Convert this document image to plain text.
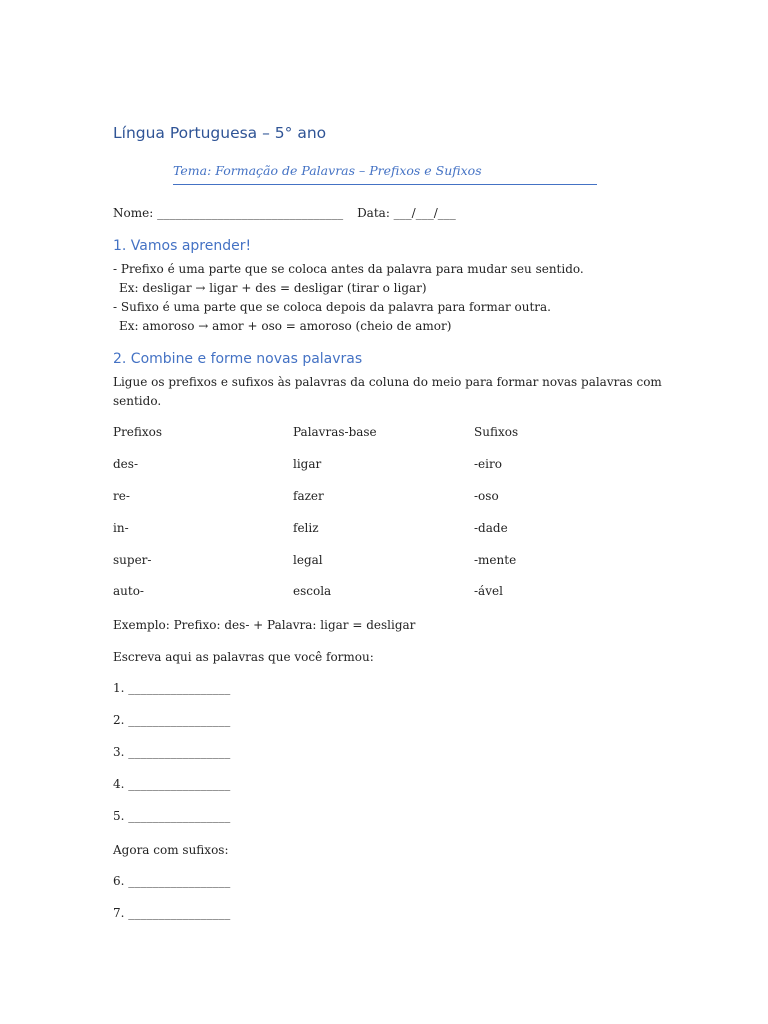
Língua Portuguesa – 5° ano
Tema: Formação de Palavras – Prefixos e Sufixos
Nome: _______________________________ Data: ___/___/___
1. Vamos aprender!

- Prefixo é uma parte que se coloca antes da palavra para mudar seu sentido.

Ex: desligar → ligar + des = desligar (tirar o ligar)

- Sufixo é uma parte que se coloca depois da palavra para formar outra.

Ex: amoroso → amor + oso = amoroso (cheio de amor)

2. Combine e forme novas palavras

Ligue os prefixos e sufixos às palavras da coluna do meio para formar novas palavras com

sentido.

Prefixos	Palavras-base	Sufixos
des-	ligar	-eiro
re-	fazer	-oso
in-	feliz	-dade
super-	legal	-mente
auto-	escola	-ável

Exemplo: Prefixo: des- + Palavra: ligar = desligar

Escreva aqui as palavras que você formou:

1. _________________
2. _________________
3. _________________
4. _________________
5. _________________

Agora com sufixos:

6. _________________
7. _________________
